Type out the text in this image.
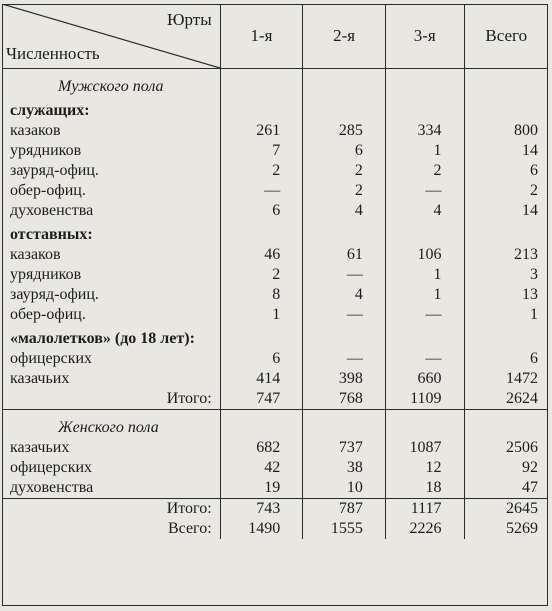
Юрты
Численность	1-я	2-я	3-я	Всего
Мужского пола				
служащих:				
казаков	261	285	334	800
урядников	7	6	1	14
зауряд-офиц.	2	2	2	6
обер-офиц.	—	2	—	2
духовенства	6	4	4	14
отставных:				
казаков	46	61	106	213
урядников	2	—	1	3
зауряд-офиц.	8	4	1	13
обер-офиц.	1	—	—	1
«малолетков» (до 18 лет):				
офицерских	6	—	—	6
казачьих	414	398	660	1472
Итого:	747	768	1109	2624
Женского пола				
казачьих	682	737	1087	2506
офицерских	42	38	12	92
духовенства	19	10	18	47
Итого:	743	787	1117	2645
Всего:	1490	1555	2226	5269
